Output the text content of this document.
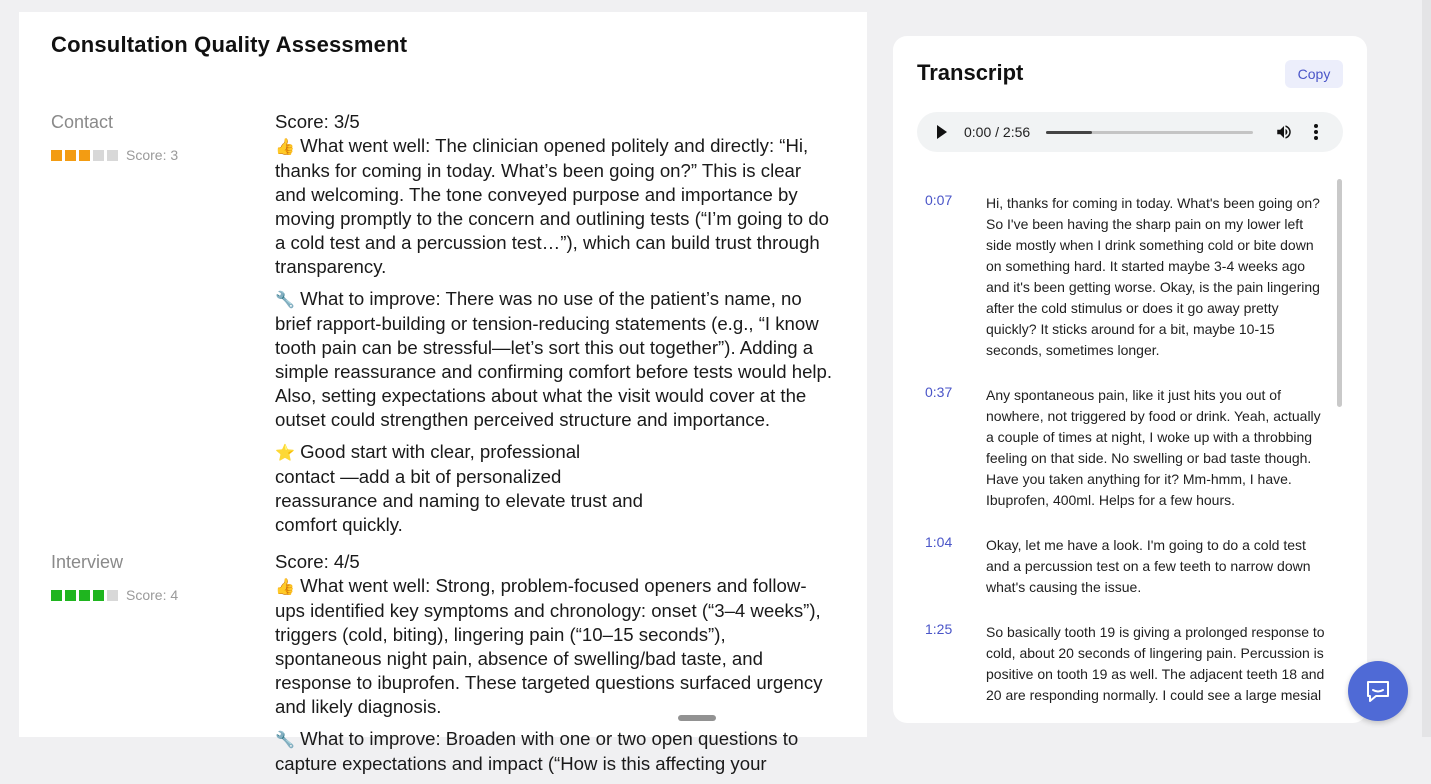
Consultation Quality Assessment
Contact
Score: 3

Score: 3/5

👍 What went well: The clinician opened politely and directly: “Hi, thanks for coming in today. What’s been going on?” This is clear and welcoming. The tone conveyed purpose and importance by moving promptly to the concern and outlining tests (“I’m going to do a cold test and a percussion test…”), which can build trust through transparency.

🔧 What to improve: There was no use of the patient’s name, no brief rapport-building or tension-reducing statements (e.g., “I know tooth pain can be stressful—let’s sort this out together”). Adding a simple reassurance and confirming comfort before tests would help. Also, setting expectations about what the visit would cover at the outset could strengthen perceived structure and importance.

⭐ Good start with clear, professional contact —add a bit of personalized reassurance and naming to elevate trust and comfort quickly.

Interview
Score: 4

Score: 4/5

👍 What went well: Strong, problem-focused openers and follow-ups identified key symptoms and chronology: onset (“3–4 weeks”), triggers (cold, biting), lingering pain (“10–15 seconds”), spontaneous night pain, absence of swelling/bad taste, and response to ibuprofen. These targeted questions surfaced urgency and likely diagnosis.

🔧 What to improve: Broaden with one or two open questions to capture expectations and impact (“How is this affecting your

Transcript	Copy
0:00 / 2:56
0:07 Hi, thanks for coming in today. What's been going on? So I've been having the sharp pain on my lower left side mostly when I drink something cold or bite down on something hard. It started maybe 3-4 weeks ago and it's been getting worse. Okay, is the pain lingering after the cold stimulus or does it go away pretty quickly? It sticks around for a bit, maybe 10-15 seconds, sometimes longer.
0:37 Any spontaneous pain, like it just hits you out of nowhere, not triggered by food or drink. Yeah, actually a couple of times at night, I woke up with a throbbing feeling on that side. No swelling or bad taste though. Have you taken anything for it? Mm-hmm, I have. Ibuprofen, 400ml. Helps for a few hours.
1:04 Okay, let me have a look. I'm going to do a cold test and a percussion test on a few teeth to narrow down what's causing the issue.
1:25 So basically tooth 19 is giving a prolonged response to cold, about 20 seconds of lingering pain. Percussion is positive on tooth 19 as well. The adjacent teeth 18 and 20 are responding normally. I could see a large mesial
